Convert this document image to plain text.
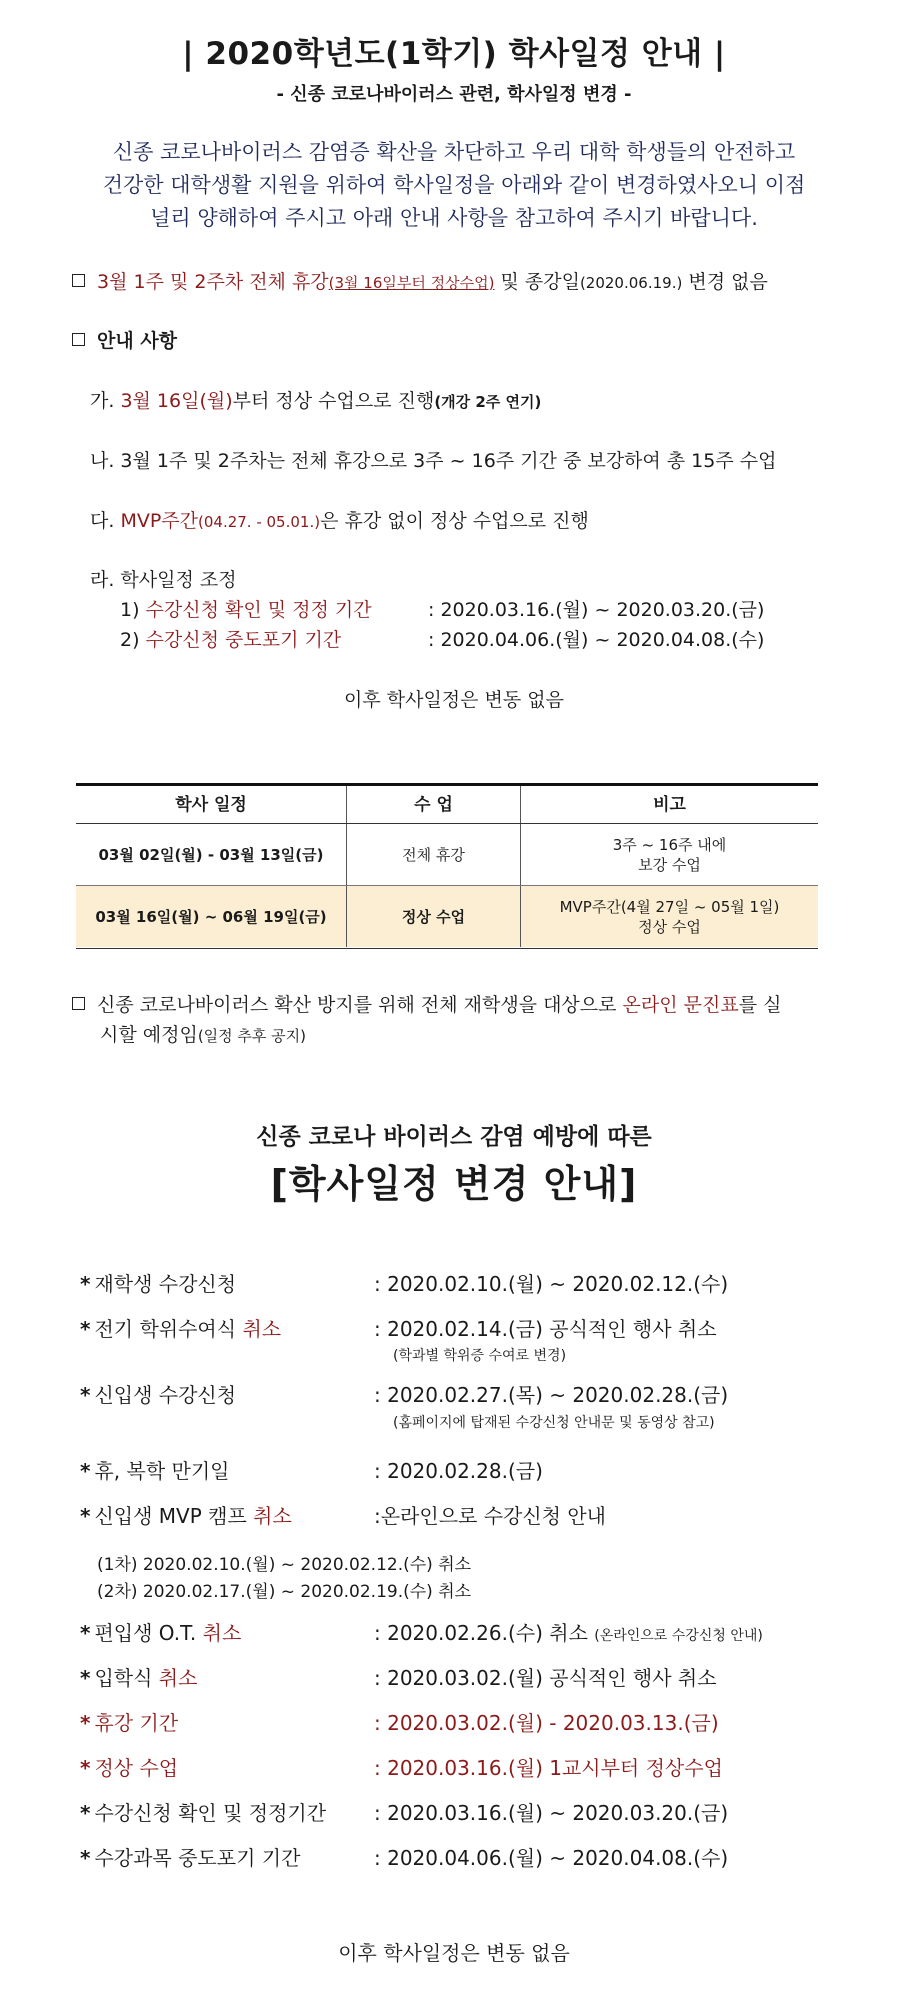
| 2020학년도(1학기) 학사일정 안내 |
- 신종 코로나바이러스 관련, 학사일정 변경 -
신종 코로나바이러스 감염증 확산을 차단하고 우리 대학 학생들의 안전하고
건강한 대학생활 지원을 위하여 학사일정을 아래와 같이 변경하였사오니 이점
널리 양해하여 주시고 아래 안내 사항을 참고하여 주시기 바랍니다.
3월 1주 및 2주차 전체 휴강(3월 16일부터 정상수업) 및 종강일(2020.06.19.) 변경 없음
안내 사항
가. 3월 16일(월)부터 정상 수업으로 진행(개강 2주 연기)
나. 3월 1주 및 2주차는 전체 휴강으로 3주 ~ 16주 기간 중 보강하여 총 15주 수업
다. MVP주간(04.27. - 05.01.)은 휴강 없이 정상 수업으로 진행
라. 학사일정 조정
1) 수강신청 확인 및 정정 기간	: 2020.03.16.(월) ~ 2020.03.20.(금)
2) 수강신청 중도포기 기간	: 2020.04.06.(월) ~ 2020.04.08.(수)
이후 학사일정은 변동 없음
학사 일정	수 업	비고
03월 02일(월) - 03월 13일(금)	전체 휴강
3주 ~ 16주 내에
보강 수업
03월 16일(월) ~ 06월 19일(금)	정상 수업
MVP주간(4월 27일 ~ 05월 1일)
정상 수업
신종 코로나바이러스 확산 방지를 위해 전체 재학생을 대상으로 온라인 문진표를 실
시할 예정임(일정 추후 공지)
신종 코로나 바이러스 감염 예방에 따른
[학사일정 변경 안내]
* 재학생 수강신청	: 2020.02.10.(월) ~ 2020.02.12.(수)
* 전기 학위수여식 취소	: 2020.02.14.(금) 공식적인 행사 취소
(학과별 학위증 수여로 변경)
* 신입생 수강신청	: 2020.02.27.(목) ~ 2020.02.28.(금)
(홈페이지에 탑재된 수강신청 안내문 및 동영상 참고)
* 휴, 복학 만기일	: 2020.02.28.(금)
* 신입생 MVP 캠프 취소	:온라인으로 수강신청 안내
(1차) 2020.02.10.(월) ~ 2020.02.12.(수) 취소
(2차) 2020.02.17.(월) ~ 2020.02.19.(수) 취소
* 편입생 O.T. 취소	: 2020.02.26.(수) 취소 (온라인으로 수강신청 안내)
* 입학식 취소	: 2020.03.02.(월) 공식적인 행사 취소
* 휴강 기간	: 2020.03.02.(월) - 2020.03.13.(금)
* 정상 수업	: 2020.03.16.(월) 1교시부터 정상수업
* 수강신청 확인 및 정정기간 : 2020.03.16.(월) ~ 2020.03.20.(금)
* 수강과목 중도포기 기간	: 2020.04.06.(월) ~ 2020.04.08.(수)
이후 학사일정은 변동 없음
